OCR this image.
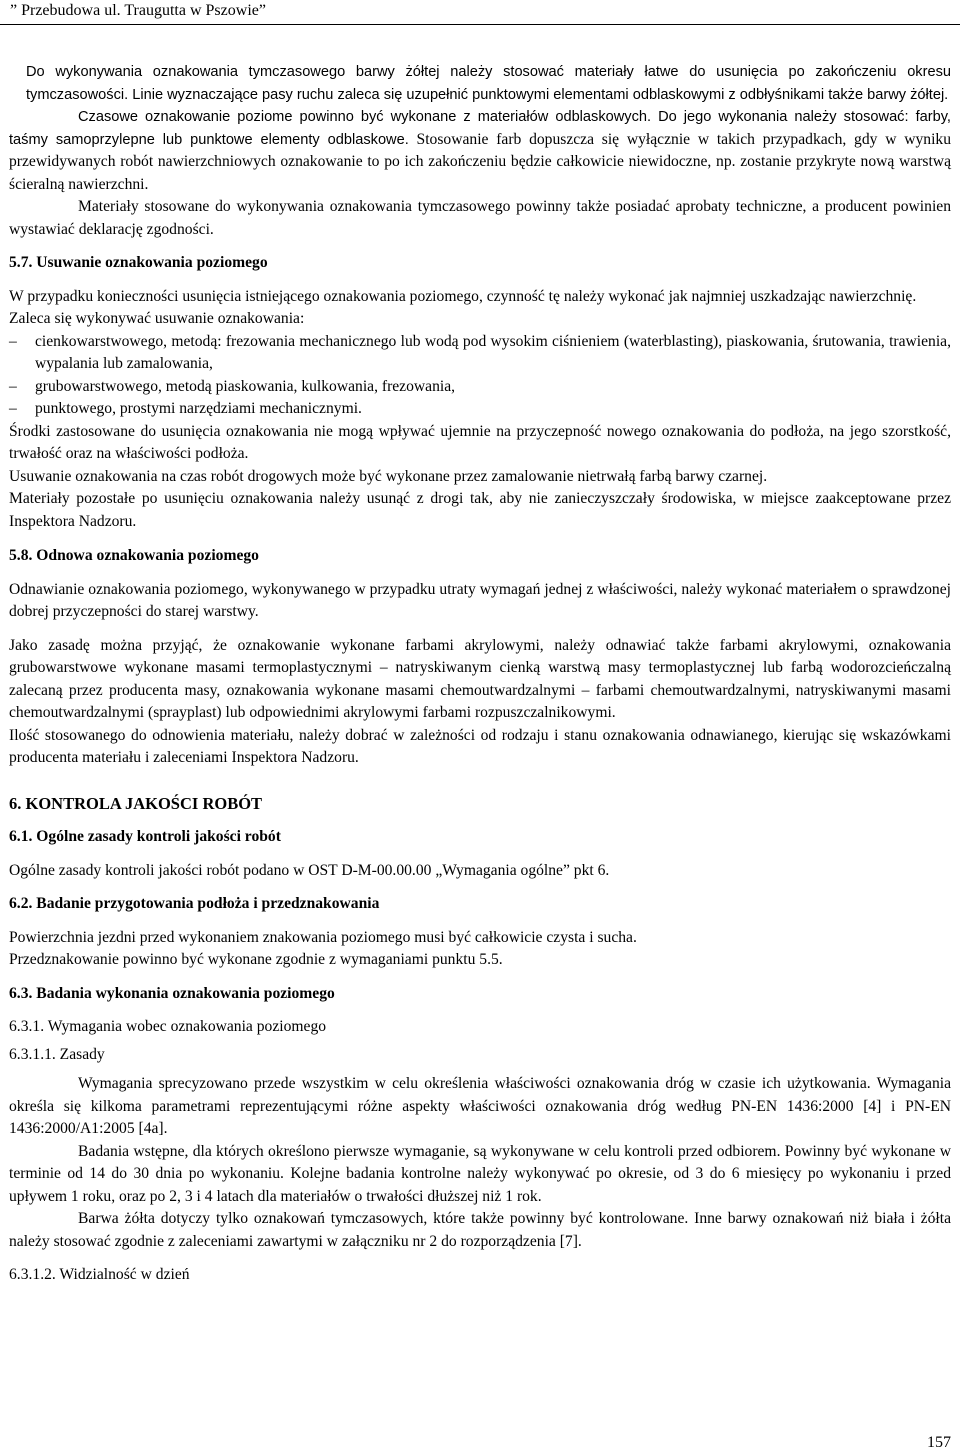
” Przebudowa ul. Traugutta w Pszowie”

Do wykonywania oznakowania tymczasowego barwy żółtej należy stosować materiały łatwe do usunięcia po zakończeniu okresu tymczasowości. Linie wyznaczające pasy ruchu zaleca się uzupełnić punktowymi elementami odblaskowymi z odbłyśnikami także barwy żółtej.

Czasowe oznakowanie poziome powinno być wykonane z materiałów odblaskowych. Do jego wykonania należy stosować: farby, taśmy samoprzylepne lub punktowe elementy odblaskowe. Stosowanie farb dopuszcza się wyłącznie w takich przypadkach, gdy w wyniku przewidywanych robót nawierzchniowych oznakowanie to po ich zakończeniu będzie całkowicie niewidoczne, np. zostanie przykryte nową warstwą ścieralną nawierzchni.

Materiały stosowane do wykonywania oznakowania tymczasowego powinny także posiadać aprobaty techniczne, a producent powinien wystawiać deklarację zgodności.

5.7. Usuwanie oznakowania poziomego

W przypadku konieczności usunięcia istniejącego oznakowania poziomego, czynność tę należy wykonać jak najmniej uszkadzając nawierzchnię.

Zaleca się wykonywać usuwanie oznakowania:

–	cienkowarstwowego, metodą: frezowania mechanicznego lub wodą pod wysokim ciśnieniem (waterblasting), piaskowania, śrutowania, trawienia, wypalania lub zamalowania,
–	grubowarstwowego, metodą piaskowania, kulkowania, frezowania,
–	punktowego, prostymi narzędziami mechanicznymi.

Środki zastosowane do usunięcia oznakowania nie mogą wpływać ujemnie na przyczepność nowego oznakowania do podłoża, na jego szorstkość, trwałość oraz na właściwości podłoża.

Usuwanie oznakowania na czas robót drogowych może być wykonane przez zamalowanie nietrwałą farbą barwy czarnej.

Materiały pozostałe po usunięciu oznakowania należy usunąć z drogi tak, aby nie zanieczyszczały środowiska, w miejsce zaakceptowane przez Inspektora Nadzoru.

5.8. Odnowa oznakowania poziomego

Odnawianie oznakowania poziomego, wykonywanego w przypadku utraty wymagań jednej z właściwości, należy wykonać materiałem o sprawdzonej dobrej przyczepności do starej warstwy.

Jako zasadę można przyjąć, że oznakowanie wykonane farbami akrylowymi, należy odnawiać także farbami akrylowymi, oznakowania grubowarstwowe wykonane masami termoplastycznymi – natryskiwanym cienką warstwą masy termoplastycznej lub farbą wodorozcieńczalną zalecaną przez producenta masy, oznakowania wykonane masami chemoutwardzalnymi – farbami chemoutwardzalnymi, natryskiwanymi masami chemoutwardzalnymi (sprayplast) lub odpowiednimi akrylowymi farbami rozpuszczalnikowymi.

Ilość stosowanego do odnowienia materiału, należy dobrać w zależności od rodzaju i stanu oznakowania odnawianego, kierując się wskazówkami producenta materiału i zaleceniami Inspektora Nadzoru.

6. KONTROLA JAKOŚCI ROBÓT

6.1. Ogólne zasady kontroli jakości robót

Ogólne zasady kontroli jakości robót podano w OST D-M-00.00.00 „Wymagania ogólne” pkt 6.

6.2. Badanie przygotowania podłoża i przedznakowania

Powierzchnia jezdni przed wykonaniem znakowania poziomego musi być całkowicie czysta i sucha.

Przedznakowanie powinno być wykonane zgodnie z wymaganiami punktu 5.5.

6.3. Badania wykonania oznakowania poziomego

6.3.1. Wymagania wobec oznakowania poziomego

6.3.1.1. Zasady

Wymagania sprecyzowano przede wszystkim w celu określenia właściwości oznakowania dróg w czasie ich użytkowania. Wymagania określa się kilkoma parametrami reprezentującymi różne aspekty właściwości oznakowania dróg według PN-EN 1436:2000 [4] i PN-EN 1436:2000/A1:2005 [4a].

Badania wstępne, dla których określono pierwsze wymaganie, są wykonywane w celu kontroli przed odbiorem. Powinny być wykonane w terminie od 14 do 30 dnia po wykonaniu. Kolejne badania kontrolne należy wykonywać po okresie, od 3 do 6 miesięcy po wykonaniu i przed upływem 1 roku, oraz po 2, 3 i 4 latach dla materiałów o trwałości dłuższej niż 1 rok.

Barwa żółta dotyczy tylko oznakowań tymczasowych, które także powinny być kontrolowane. Inne barwy oznakowań niż biała i żółta należy stosować zgodnie z zaleceniami zawartymi w załączniku nr 2 do rozporządzenia [7].

6.3.1.2. Widzialność w dzień

157
